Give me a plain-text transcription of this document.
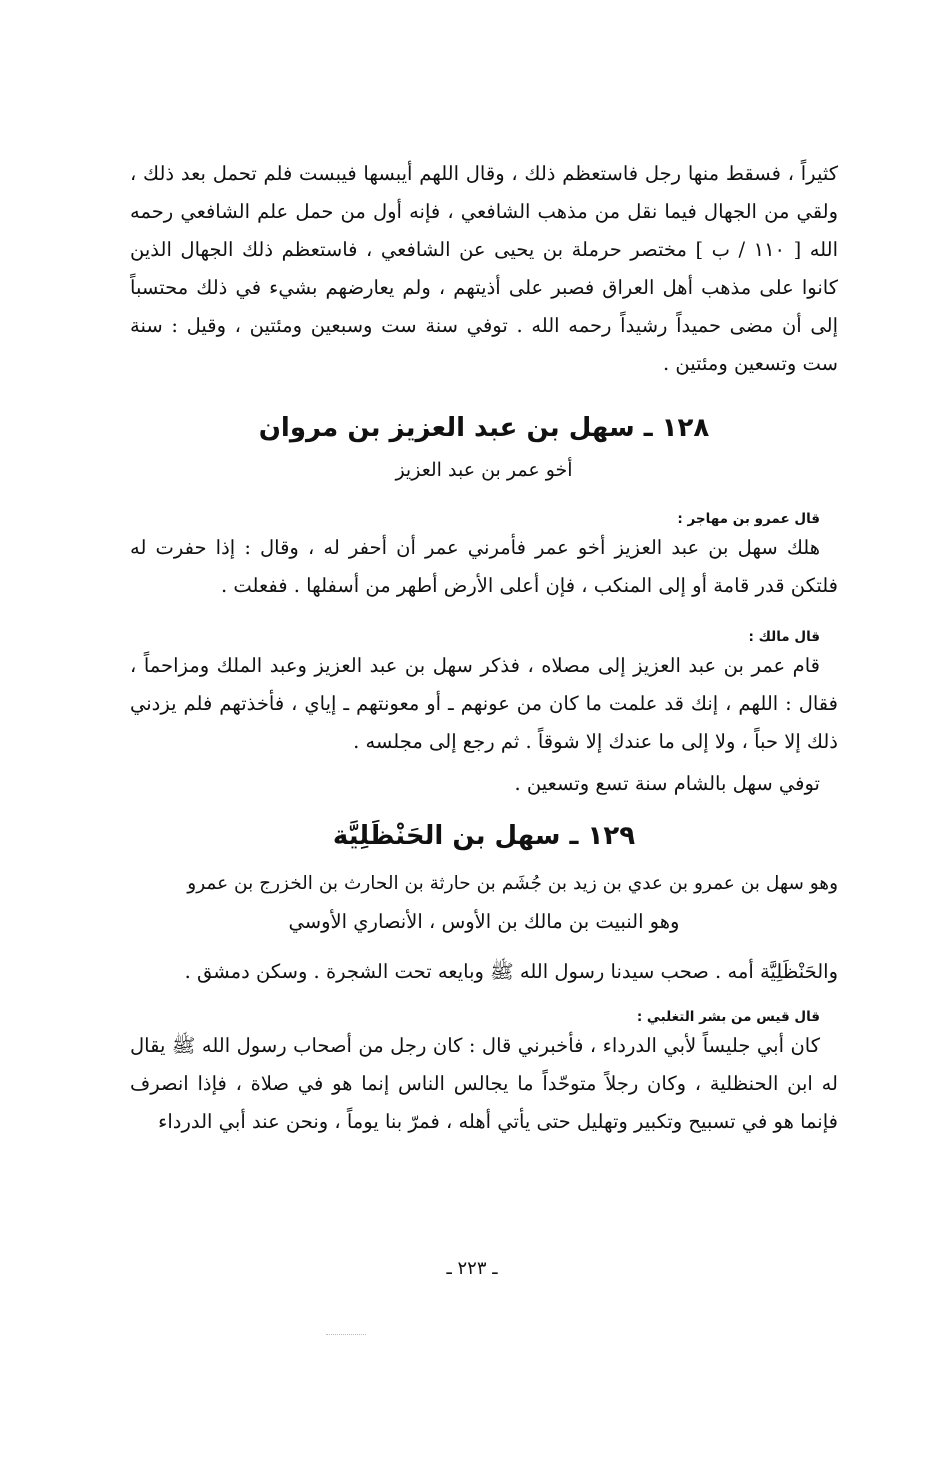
كثيراً ، فسقط منها رجل فاستعظم ذلك ، وقال اللهم أيبسها فيبست فلم تحمل بعد ذلك ، ولقي من الجهال فيما نقل من مذهب الشافعي ، فإنه أول من حمل علم الشافعي رحمه الله [ ١١٠ / ب ] مختصر حرملة بن يحيى عن الشافعي ، فاستعظم ذلك الجهال الذين كانوا على مذهب أهل العراق فصبر على أذيتهم ، ولم يعارضهم بشيء في ذلك محتسباً إلى أن مضى حميداً رشيداً رحمه الله . توفي سنة ست وسبعين ومئتين ، وقيل : سنة ست وتسعين ومئتين .

١٢٨ ـ سهل بن عبد العزيز بن مروان

أخو عمر بن عبد العزيز

قال عمرو بن مهاجر :

هلك سهل بن عبد العزيز أخو عمر فأمرني عمر أن أحفر له ، وقال : إذا حفرت له فلتكن قدر قامة أو إلى المنكب ، فإن أعلى الأرض أطهر من أسفلها . ففعلت .

قال مالك :

قام عمر بن عبد العزيز إلى مصلاه ، فذكر سهل بن عبد العزيز وعبد الملك ومزاحماً ، فقال : اللهم ، إنك قد علمت ما كان من عونهم ـ أو معونتهم ـ إياي ، فأخذتهم فلم يزدني ذلك إلا حباً ، ولا إلى ما عندك إلا شوقاً . ثم رجع إلى مجلسه .

توفي سهل بالشام سنة تسع وتسعين .

١٢٩ ـ سهل بن الحَنْظَلِيَّة

وهو سهل بن عمرو بن عدي بن زيد بن جُشَم بن حارثة بن الحارث بن الخزرج بن عمرو

وهو النبيت بن مالك بن الأوس ، الأنصاري الأوسي

والحَنْظَلِيَّة أمه . صحب سيدنا رسول الله ﷺ وبايعه تحت الشجرة . وسكن دمشق .

قال قيس من بشر التغلبي :

كان أبي جليساً لأبي الدرداء ، فأخبرني قال : كان رجل من أصحاب رسول الله ﷺ يقال له ابن الحنظلية ، وكان رجلاً متوحّداً ما يجالس الناس إنما هو في صلاة ، فإذا انصرف فإنما هو في تسبيح وتكبير وتهليل حتى يأتي أهله ، فمرّ بنا يوماً ، ونحن عند أبي الدرداء

ـ ٢٢٣ ـ
